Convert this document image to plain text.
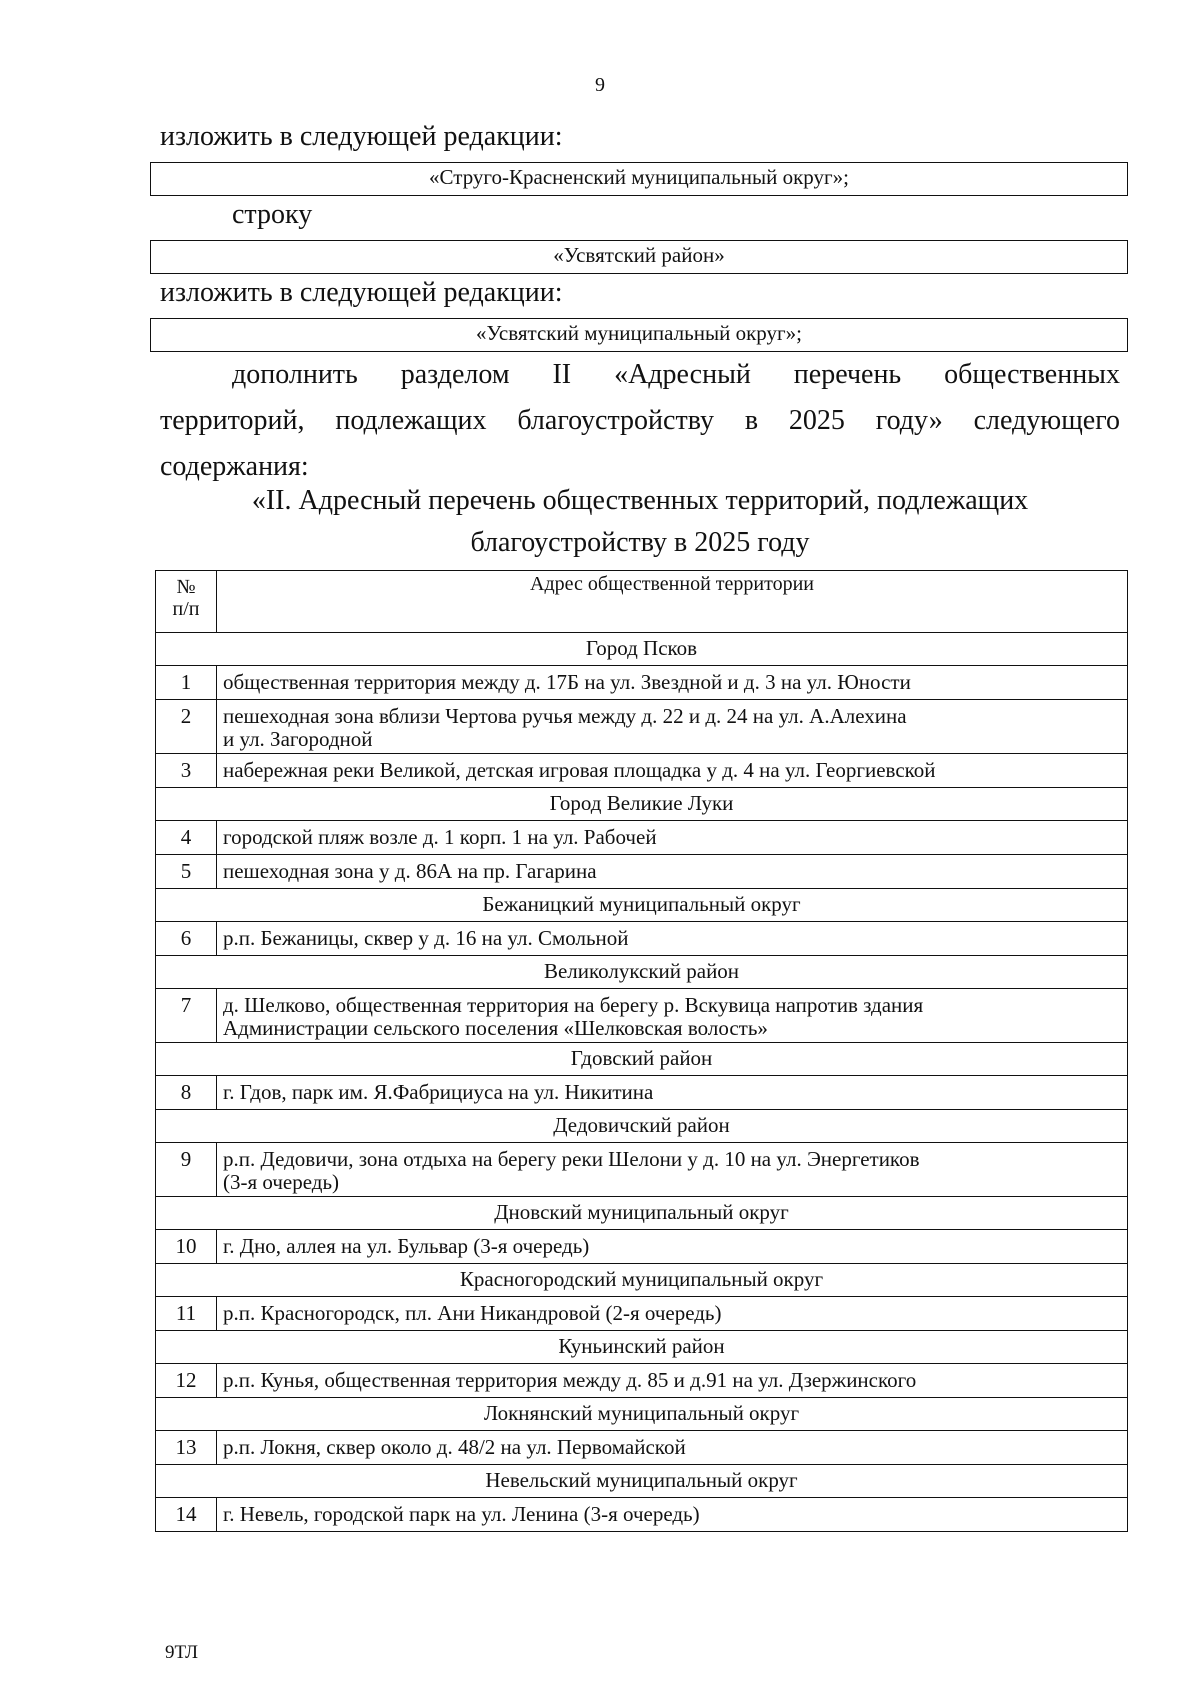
9
изложить в следующей редакции:
«Струго-Красненский муниципальный округ»;
строку
«Усвятский район»
изложить в следующей редакции:
«Усвятский муниципальный округ»;
дополнить разделом II «Адресный перечень общественных
территорий, подлежащих благоустройству в 2025 году» следующего
содержания:
«II. Адресный перечень общественных территорий, подлежащих
благоустройству в 2025 году
№
п/п	Адрес общественной территории
Город Псков	
1	общественная территория между д. 17Б на ул. Звездной и д. 3 на ул. Юности
2	пешеходная зона вблизи Чертова ручья между д. 22 и д. 24 на ул. А.Алехина
и ул. Загородной
3	набережная реки Великой, детская игровая площадка у д. 4 на ул. Георгиевской
Город Великие Луки	
4	городской пляж возле д. 1 корп. 1 на ул. Рабочей
5	пешеходная зона у д. 86А на пр. Гагарина
Бежаницкий муниципальный округ	
6	р.п. Бежаницы, сквер у д. 16 на ул. Смольной
Великолукский район	
7	д. Шелково, общественная территория на берегу р. Вскувица напротив здания
Администрации сельского поселения «Шелковская волость»
Гдовский район	
8	г. Гдов, парк им. Я.Фабрициуса на ул. Никитина
Дедовичский район	
9	р.п. Дедовичи, зона отдыха на берегу реки Шелони у д. 10 на ул. Энергетиков
(3-я очередь)
Дновский муниципальный округ	
10	г. Дно, аллея на ул. Бульвар (3-я очередь)
Красногородский муниципальный округ	
11	р.п. Красногородск, пл. Ани Никандровой (2-я очередь)
Куньинский район	
12	р.п. Кунья, общественная территория между д. 85 и д.91 на ул. Дзержинского
Локнянский муниципальный округ	
13	р.п. Локня, сквер около д. 48/2 на ул. Первомайской
Невельский муниципальный округ	
14	г. Невель, городской парк на ул. Ленина (3-я очередь)
9ТЛ
